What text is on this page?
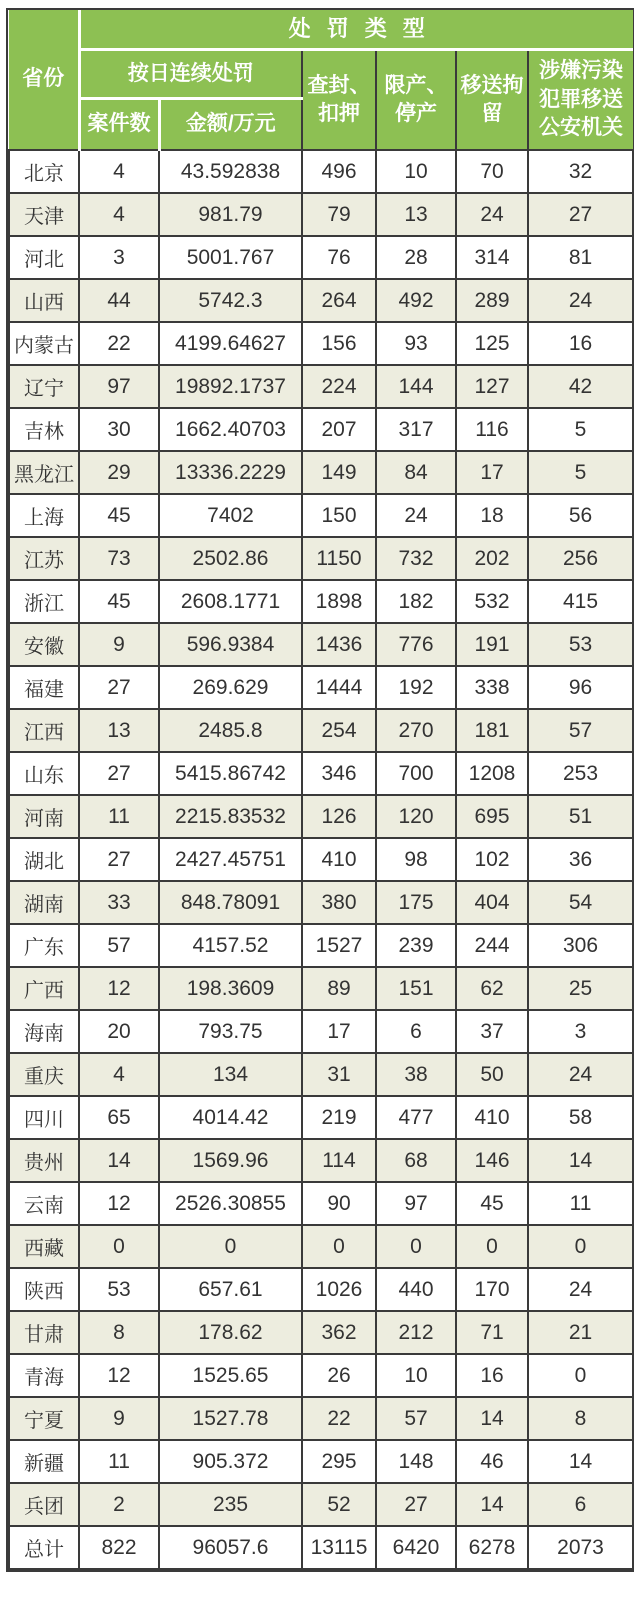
省份	处罚类型					
	按日连续处罚		查封、扣押	限产、停产	移送拘留	涉嫌污染犯罪移送公安机关
	案件数	金额/万元				
北京	4	43.592838	496	10	70	32
天津	4	981.79	79	13	24	27
河北	3	5001.767	76	28	314	81
山西	44	5742.3	264	492	289	24
内蒙古	22	4199.64627	156	93	125	16
辽宁	97	19892.1737	224	144	127	42
吉林	30	1662.40703	207	317	116	5
黑龙江	29	13336.2229	149	84	17	5
上海	45	7402	150	24	18	56
江苏	73	2502.86	1150	732	202	256
浙江	45	2608.1771	1898	182	532	415
安徽	9	596.9384	1436	776	191	53
福建	27	269.629	1444	192	338	96
江西	13	2485.8	254	270	181	57
山东	27	5415.86742	346	700	1208	253
河南	11	2215.83532	126	120	695	51
湖北	27	2427.45751	410	98	102	36
湖南	33	848.78091	380	175	404	54
广东	57	4157.52	1527	239	244	306
广西	12	198.3609	89	151	62	25
海南	20	793.75	17	6	37	3
重庆	4	134	31	38	50	24
四川	65	4014.42	219	477	410	58
贵州	14	1569.96	114	68	146	14
云南	12	2526.30855	90	97	45	11
西藏	0	0	0	0	0	0
陕西	53	657.61	1026	440	170	24
甘肃	8	178.62	362	212	71	21
青海	12	1525.65	26	10	16	0
宁夏	9	1527.78	22	57	14	8
新疆	11	905.372	295	148	46	14
兵团	2	235	52	27	14	6
总计	822	96057.6	13115	6420	6278	2073
